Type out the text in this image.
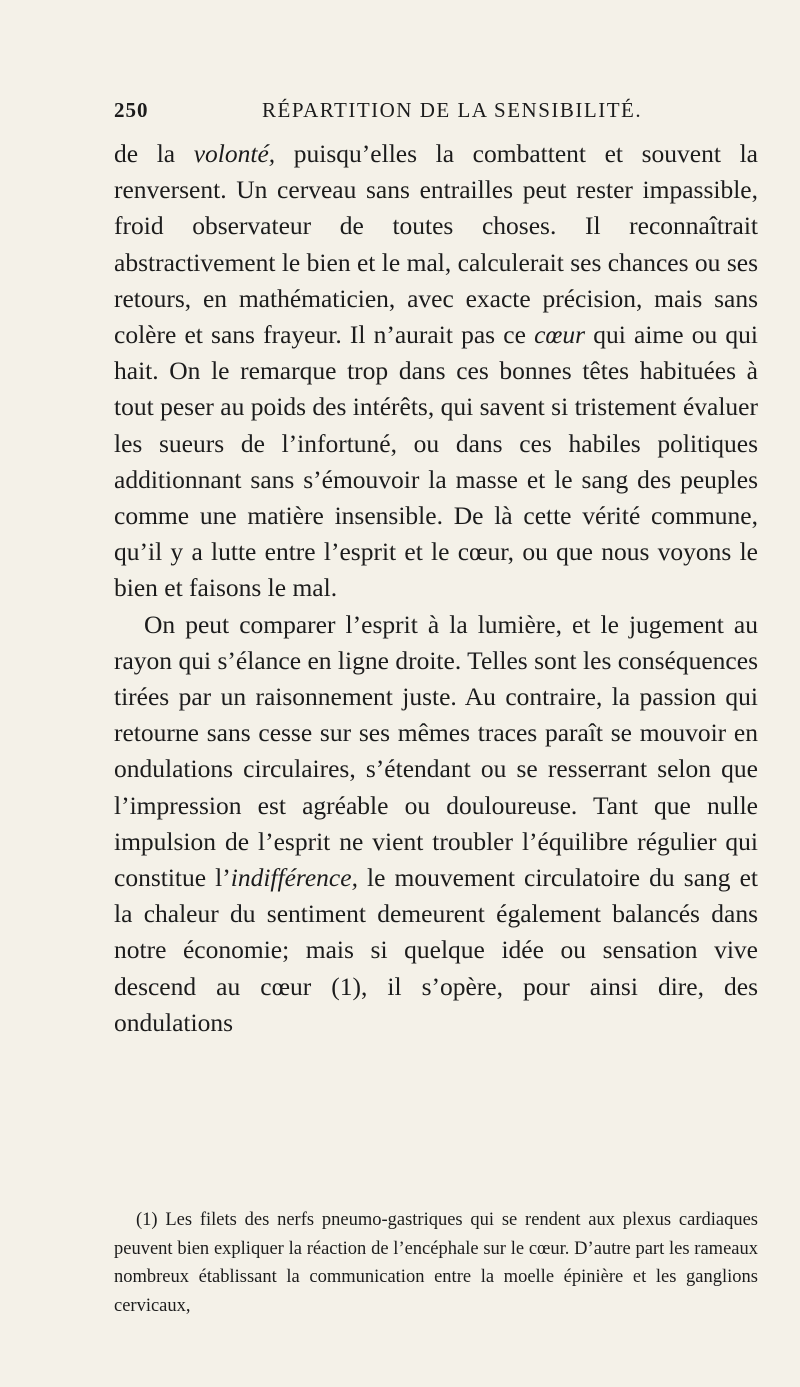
250	RÉPARTITION DE LA SENSIBILITÉ.

de la volonté, puisqu’elles la combattent et souvent la renversent. Un cerveau sans entrailles peut rester impassible, froid observateur de toutes choses. Il reconnaîtrait abstractivement le bien et le mal, calculerait ses chances ou ses retours, en mathématicien, avec exacte précision, mais sans colère et sans frayeur. Il n’aurait pas ce cœur qui aime ou qui hait. On le remarque trop dans ces bonnes têtes habituées à tout peser au poids des intérêts, qui savent si tristement évaluer les sueurs de l’infortuné, ou dans ces habiles politiques additionnant sans s’émouvoir la masse et le sang des peuples comme une matière insensible. De là cette vérité commune, qu’il y a lutte entre l’esprit et le cœur, ou que nous voyons le bien et faisons le mal.

On peut comparer l’esprit à la lumière, et le jugement au rayon qui s’élance en ligne droite. Telles sont les conséquences tirées par un raisonnement juste. Au contraire, la passion qui retourne sans cesse sur ses mêmes traces paraît se mouvoir en ondulations circulaires, s’étendant ou se resserrant selon que l’impression est agréable ou douloureuse. Tant que nulle impulsion de l’esprit ne vient troubler l’équilibre régulier qui constitue l’indifférence, le mouvement circulatoire du sang et la chaleur du sentiment demeurent également balancés dans notre économie; mais si quelque idée ou sensation vive descend au cœur (1), il s’opère, pour ainsi dire, des ondulations

(1) Les filets des nerfs pneumo-gastriques qui se rendent aux plexus cardiaques peuvent bien expliquer la réaction de l’encéphale sur le cœur. D’autre part les rameaux nombreux établissant la communication entre la moelle épinière et les ganglions cervicaux,
